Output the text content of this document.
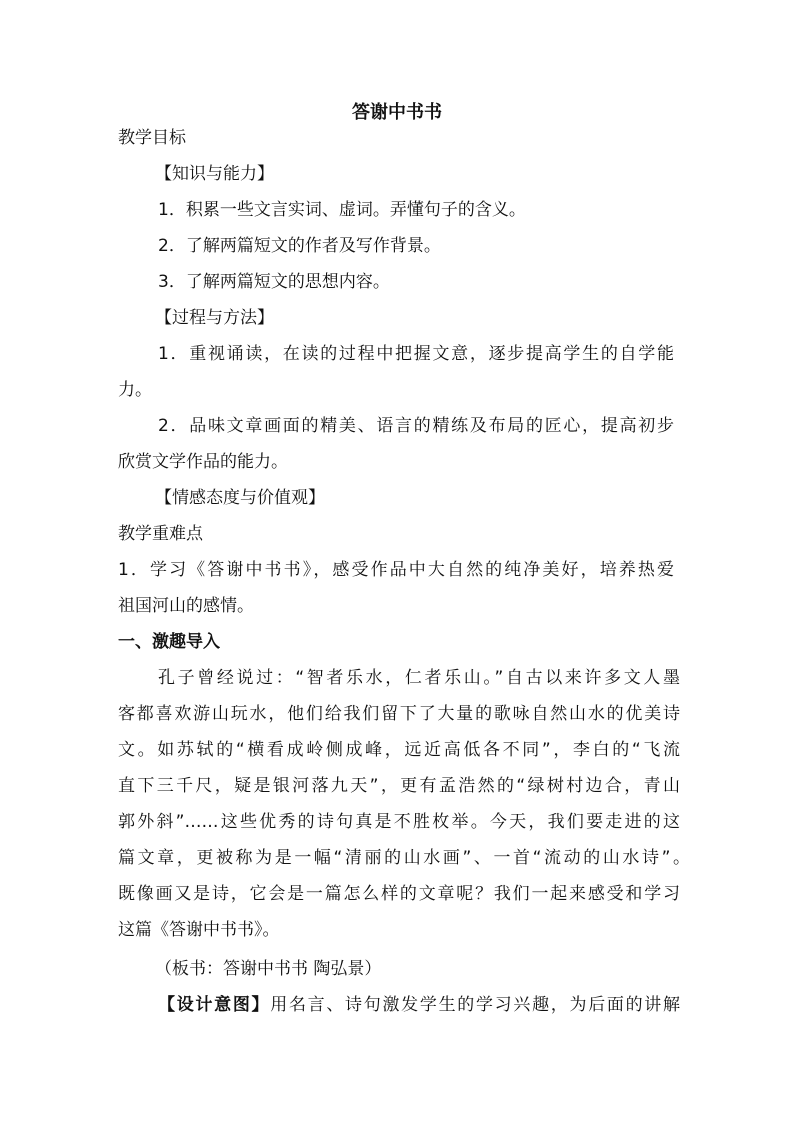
答谢中书书
教学目标
【知识与能力】
1．积累一些文言实词、虚词。弄懂句子的含义。
2．了解两篇短文的作者及写作背景。
3．了解两篇短文的思想内容。
【过程与方法】
1．重视诵读，在读的过程中把握文意，逐步提高学生的自学能
力。
2．品味文章画面的精美、语言的精练及布局的匠心，提高初步
欣赏文学作品的能力。
【情感态度与价值观】
教学重难点
1．学习《答谢中书书》，感受作品中大自然的纯净美好，培养热爱
祖国河山的感情。
一、激趣导入
孔子曾经说过：“智者乐水，仁者乐山。”自古以来许多文人墨
客都喜欢游山玩水，他们给我们留下了大量的歌咏自然山水的优美诗
文。如苏轼的“横看成岭侧成峰，远近高低各不同”，李白的“飞流
直下三千尺，疑是银河落九天”，更有孟浩然的“绿树村边合，青山
郭外斜”……这些优秀的诗句真是不胜枚举。今天，我们要走进的这
篇文章，更被称为是一幅“清丽的山水画”、一首“流动的山水诗”。
既像画又是诗，它会是一篇怎么样的文章呢？我们一起来感受和学习
这篇《答谢中书书》。
（板书：答谢中书书 陶弘景）
【设计意图】用名言、诗句激发学生的学习兴趣，为后面的讲解
